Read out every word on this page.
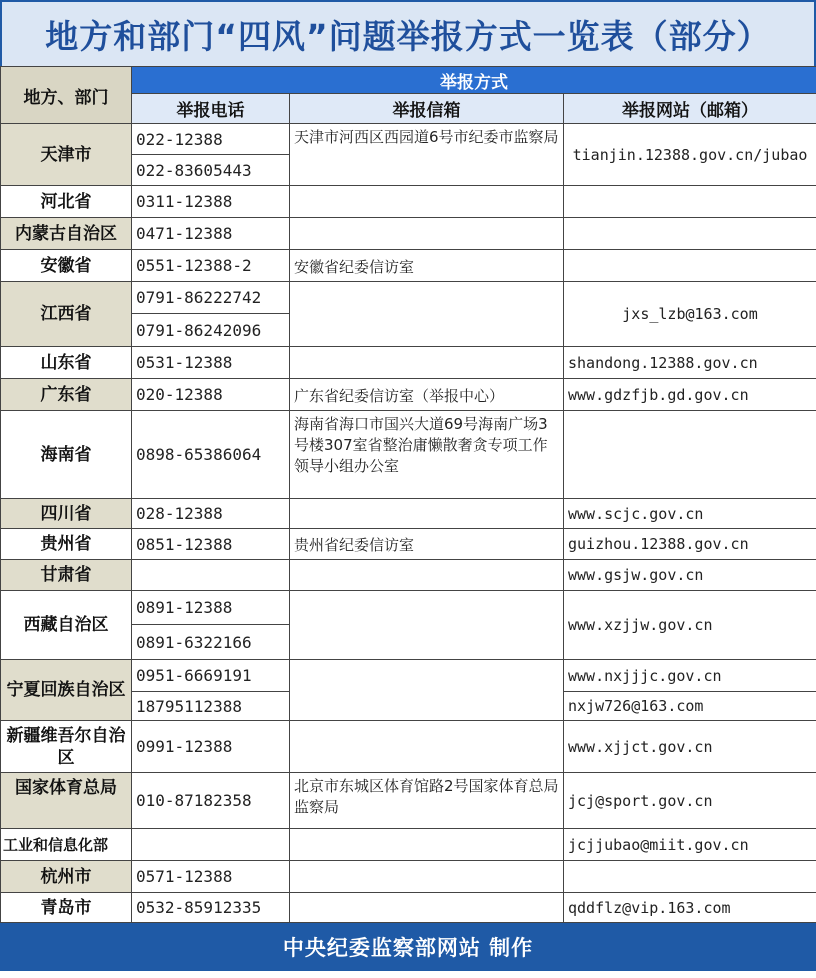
地方和部门“四风”问题举报方式一览表（部分）
地方、部门	举报方式		
	举报电话	举报信箱	举报网站（邮箱）
天津市	022-12388	天津市河西区西园道6号市纪委市监察局	tianjin.12388.gov.cn/jubao
	022-83605443		
河北省	0311-12388		
内蒙古自治区	0471-12388		
安徽省	0551-12388-2	安徽省纪委信访室	
江西省	0791-86222742		jxs_lzb@163.com
	0791-86242096		
山东省	0531-12388		shandong.12388.gov.cn
广东省	020-12388	广东省纪委信访室（举报中心）	www.gdzfjb.gd.gov.cn
海南省	0898-65386064	海南省海口市国兴大道69号海南广场3号楼307室省整治庸懒散奢贪专项工作领导小组办公室	
四川省	028-12388		www.scjc.gov.cn
贵州省	0851-12388	贵州省纪委信访室	guizhou.12388.gov.cn
甘肃省			www.gsjw.gov.cn
西藏自治区	0891-12388		www.xzjjw.gov.cn
	0891-6322166		
宁夏回族自治区	0951-6669191		www.nxjjjc.gov.cn
	18795112388		nxjw726@163.com
新疆维吾尔自治区	0991-12388		www.xjjct.gov.cn
国家体育总局	010-87182358	北京市东城区体育馆路2号国家体育总局监察局	jcj@sport.gov.cn
工业和信息化部			jcjjubao@miit.gov.cn
杭州市	0571-12388		
青岛市	0532-85912335		qddflz@vip.163.com
中央纪委监察部网站 制作
